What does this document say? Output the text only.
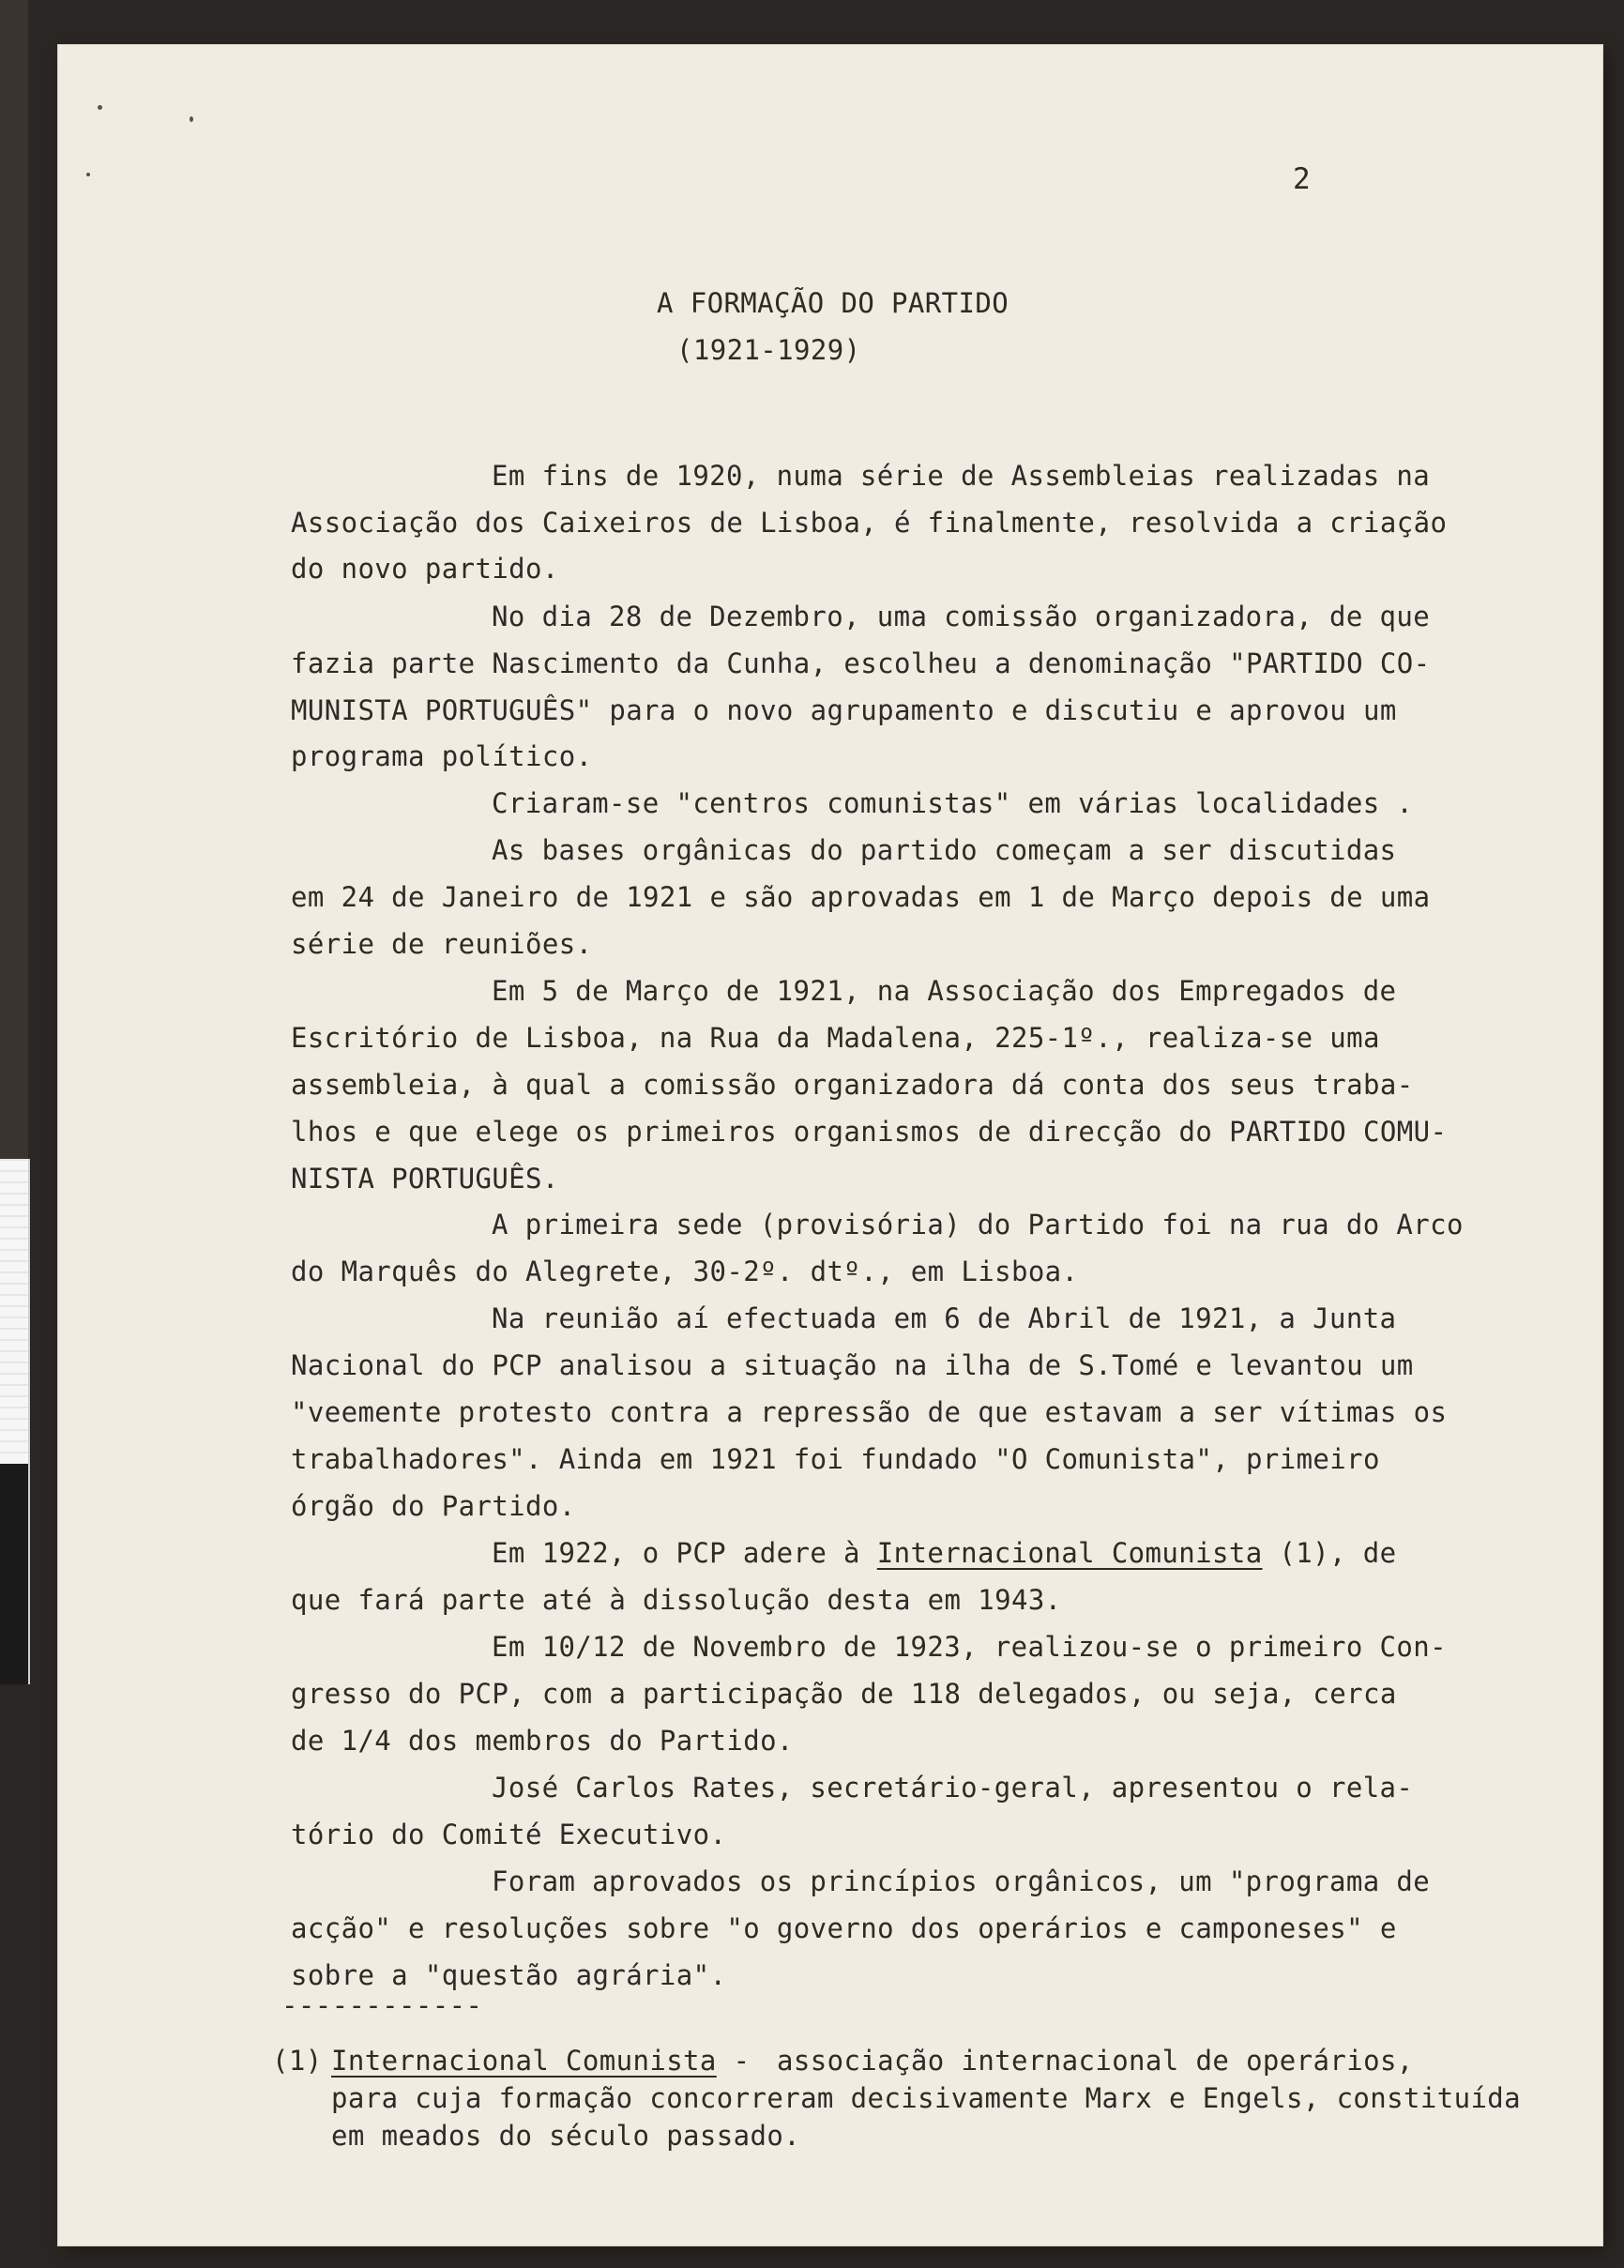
2
A FORMAÇÃO DO PARTIDO
(1921-1929)
Em fins de 1920, numa série de Assembleias realizadas na
Associação dos Caixeiros de Lisboa, é finalmente, resolvida a criação
do novo partido.
No dia 28 de Dezembro, uma comissão organizadora, de que
fazia parte Nascimento da Cunha, escolheu a denominação "PARTIDO CO-
MUNISTA PORTUGUÊS" para o novo agrupamento e discutiu e aprovou um
programa político.
Criaram-se "centros comunistas" em várias localidades .
As bases orgânicas do partido começam a ser discutidas
em 24 de Janeiro de 1921 e são aprovadas em 1 de Março depois de uma
série de reuniões.
Em 5 de Março de 1921, na Associação dos Empregados de
Escritório de Lisboa, na Rua da Madalena, 225-1º., realiza-se uma
assembleia, à qual a comissão organizadora dá conta dos seus traba-
lhos e que elege os primeiros organismos de direcção do PARTIDO COMU-
NISTA PORTUGUÊS.
A primeira sede (provisória) do Partido foi na rua do Arco
do Marquês do Alegrete, 30-2º. dtº., em Lisboa.
Na reunião aí efectuada em 6 de Abril de 1921, a Junta
Nacional do PCP analisou a situação na ilha de S.Tomé e levantou um
"veemente protesto contra a repressão de que estavam a ser vítimas os
trabalhadores". Ainda em 1921 foi fundado "O Comunista", primeiro
órgão do Partido.
Em 1922, o PCP adere à Internacional Comunista (1), de
que fará parte até à dissolução desta em 1943.
Em 10/12 de Novembro de 1923, realizou-se o primeiro Con-
gresso do PCP, com a participação de 118 delegados, ou seja, cerca
de 1/4 dos membros do Partido.
José Carlos Rates, secretário-geral, apresentou o rela-
tório do Comité Executivo.
Foram aprovados os princípios orgânicos, um "programa de
acção" e resoluções sobre "o governo dos operários e camponeses" e
sobre a "questão agrária".
------------
(1) Internacional Comunista - associação internacional de operários,
para cuja formação concorreram decisivamente Marx e Engels, constituída
em meados do século passado.
